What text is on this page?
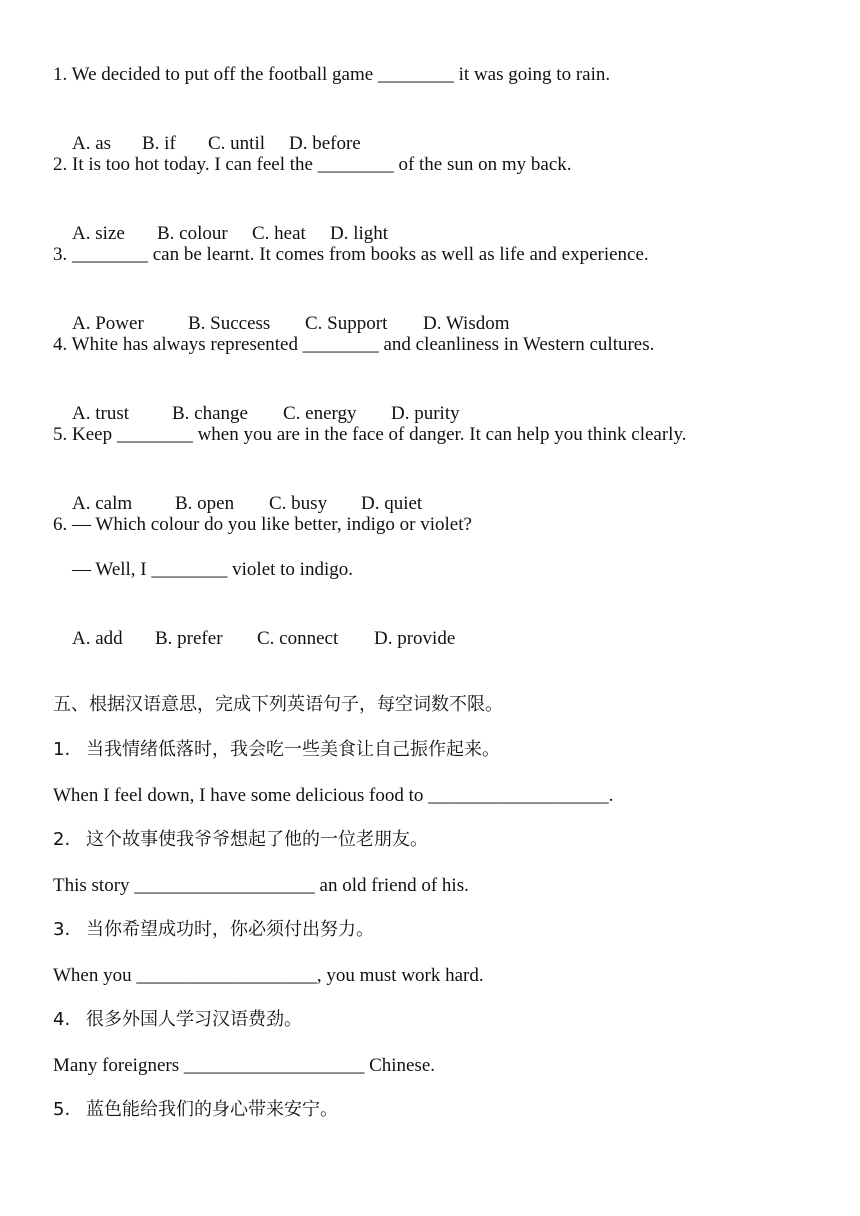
1. We decided to put off the football game ________ it was going to rain.

A. as B. if C. until D. before

2. It is too hot today. I can feel the ________ of the sun on my back.

A. size B. colour C. heat D. light

3. ________ can be learnt. It comes from books as well as life and experience.

A. Power B. Success C. Support D. Wisdom

4. White has always represented ________ and cleanliness in Western cultures.

A. trust B. change C. energy D. purity

5. Keep ________ when you are in the face of danger. It can help you think clearly.

A. calm B. open C. busy D. quiet

6. — Which colour do you like better, indigo or violet?
— Well, I ________ violet to indigo.

A. add B. prefer C. connect D. provide

五、根据汉语意思，完成下列英语句子，每空词数不限。
1. 当我情绪低落时，我会吃一些美食让自己振作起来。
When I feel down, I have some delicious food to ___________________.
2. 这个故事使我爷爷想起了他的一位老朋友。
This story ___________________ an old friend of his.
3. 当你希望成功时，你必须付出努力。
When you ___________________, you must work hard.
4. 很多外国人学习汉语费劲。
Many foreigners ___________________ Chinese.
5. 蓝色能给我们的身心带来安宁。
